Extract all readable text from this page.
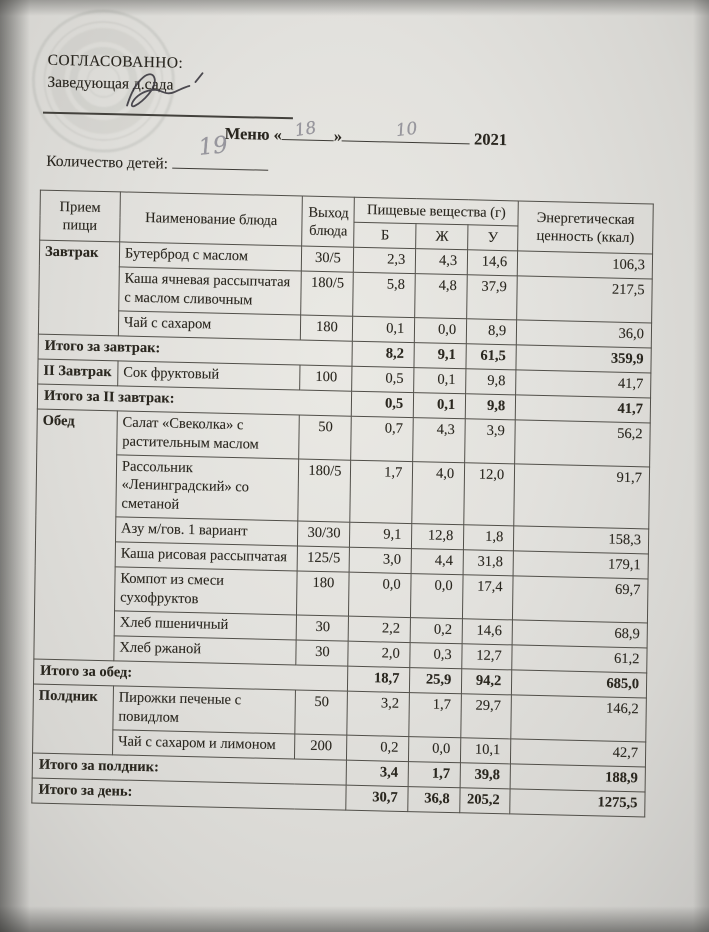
СОГЛАСОВАННО:
Заведующая д.сада
Меню « 18 »	10	2021
Количество детей:
19
Прием пищи	Наименование блюда	Выход блюда	Пищевые вещества (г)			Энергетическая ценность (ккал)
			Б	Ж	У	
Завтрак	Бутерброд с маслом	30/5	2,3	4,3	14,6	106,3
	Каша ячневая рассыпчатая с маслом сливочным	180/5	5,8	4,8	37,9	217,5
	Чай с сахаром	180	0,1	0,0	8,9	36,0
Итого за завтрак:			8,2	9,1	61,5	359,9
II Завтрак	Сок фруктовый	100	0,5	0,1	9,8	41,7
Итого за II завтрак:			0,5	0,1	9,8	41,7
Обед	Салат «Свеколка» с растительным маслом	50	0,7	4,3	3,9	56,2
	Рассольник «Ленинградский» со сметаной	180/5	1,7	4,0	12,0	91,7
	Азу м/гов. 1 вариант	30/30	9,1	12,8	1,8	158,3
	Каша рисовая рассыпчатая	125/5	3,0	4,4	31,8	179,1
	Компот из смеси сухофруктов	180	0,0	0,0	17,4	69,7
	Хлеб пшеничный	30	2,2	0,2	14,6	68,9
	Хлеб ржаной	30	2,0	0,3	12,7	61,2
Итого за обед:			18,7	25,9	94,2	685,0
Полдник	Пирожки печеные с повидлом	50	3,2	1,7	29,7	146,2
	Чай с сахаром и лимоном	200	0,2	0,0	10,1	42,7
Итого за полдник:			3,4	1,7	39,8	188,9
Итого за день:			30,7	36,8	205,2	1275,5
